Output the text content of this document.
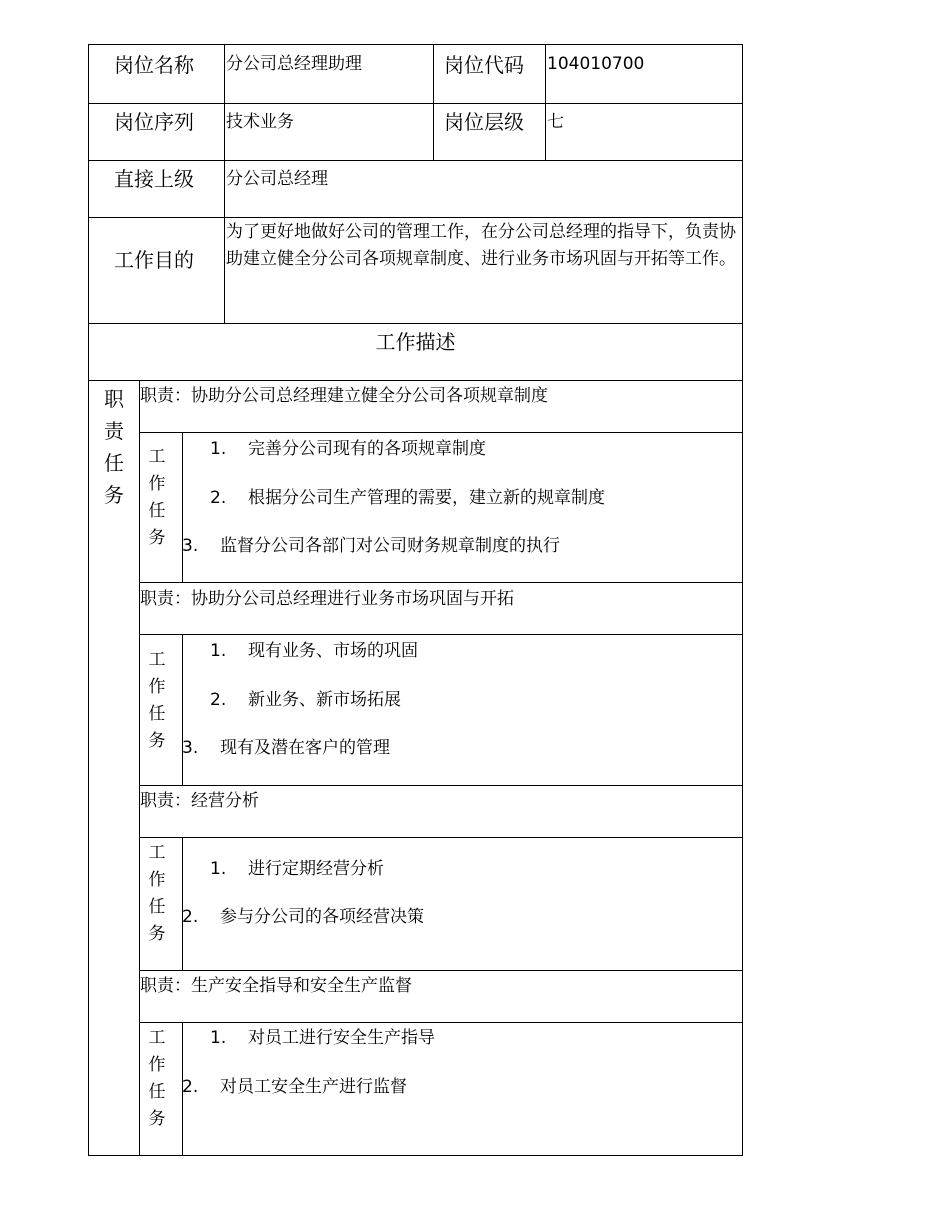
岗位名称 分公司总经理助理	岗位代码 104010700
岗位序列 技术业务	岗位层级 七
直接上级 分公司总经理
工作目的
为了更好地做好公司的管理工作，在分公司总经理的指导下，负责协助建立健全分公司各项规章制度、进行业务市场巩固与开拓等工作。
工作描述
职
责
任
务
职责：协助分公司总经理建立健全分公司各项规章制度
工
作
任
务
1. 完善分公司现有的各项规章制度
2. 根据分公司生产管理的需要，建立新的规章制度
3. 监督分公司各部门对公司财务规章制度的执行
职责：协助分公司总经理进行业务市场巩固与开拓
工
作
任
务
1. 现有业务、市场的巩固
2. 新业务、新市场拓展
3. 现有及潜在客户的管理
职责：经营分析
工
作
任
务
1. 进行定期经营分析
2. 参与分公司的各项经营决策
职责：生产安全指导和安全生产监督
工
作
任
务
1. 对员工进行安全生产指导
2. 对员工安全生产进行监督
